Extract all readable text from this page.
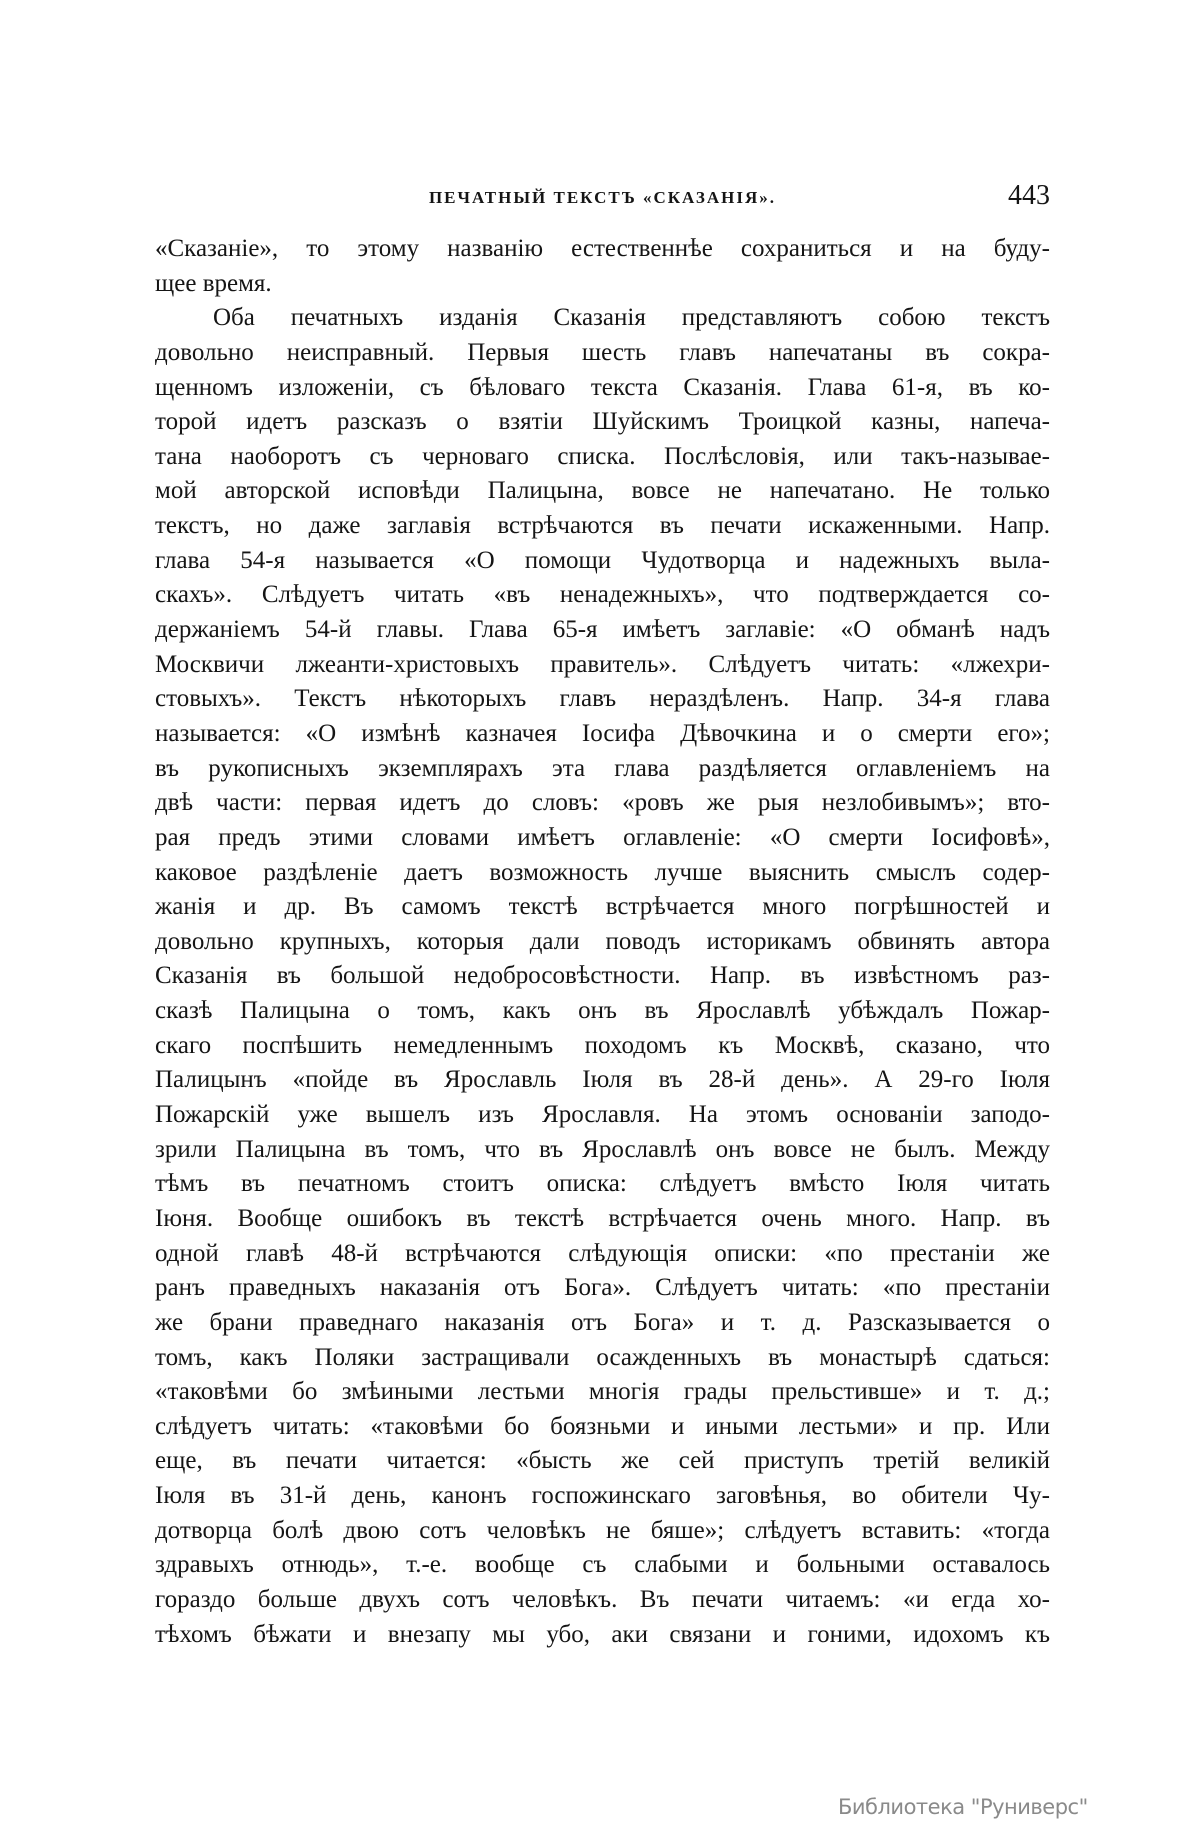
ПЕЧАТНЫЙ ТЕКСТЪ «СКАЗАНІЯ».	443
«Сказаніе», то этому названію естественнѣе сохраниться и на буду-
щее время.
Оба печатныхъ изданія Сказанія представляютъ собою текстъ
довольно неисправный. Первыя шесть главъ напечатаны въ сокра-
щенномъ изложеніи, съ бѣловаго текста Сказанія. Глава 61-я, въ ко-
торой идетъ разсказъ о взятіи Шуйскимъ Троицкой казны, напеча-
тана наоборотъ съ черноваго списка. Послѣсловія, или такъ-называе-
мой авторской исповѣди Палицына, вовсе не напечатано. Не только
текстъ, но даже заглавія встрѣчаются въ печати искаженными. Напр.
глава 54-я называется «О помощи Чудотворца и надежныхъ выла-
скахъ». Слѣдуетъ читать «въ ненадежныхъ», что подтверждается со-
держаніемъ 54-й главы. Глава 65-я имѣетъ заглавіе: «О обманѣ надъ
Москвичи лжеанти-христовыхъ правитель». Слѣдуетъ читать: «лжехри-
стовыхъ». Текстъ нѣкоторыхъ главъ нераздѣленъ. Напр. 34-я глава
называется: «О измѣнѣ казначея Іосифа Дѣвочкина и о смерти его»;
въ рукописныхъ экземплярахъ эта глава раздѣляется оглавленіемъ на
двѣ части: первая идетъ до словъ: «ровъ же рыя незлобивымъ»; вто-
рая предъ этими словами имѣетъ оглавленіе: «О смерти Іосифовѣ»,
каковое раздѣленіе даетъ возможность лучше выяснить смыслъ содер-
жанія и др. Въ самомъ текстѣ встрѣчается много погрѣшностей и
довольно крупныхъ, которыя дали поводъ историкамъ обвинять автора
Сказанія въ большой недобросовѣстности. Напр. въ извѣстномъ раз-
сказѣ Палицына о томъ, какъ онъ въ Ярославлѣ убѣждалъ Пожар-
скаго поспѣшить немедленнымъ походомъ къ Москвѣ, сказано, что
Палицынъ «пойде въ Ярославль Іюля въ 28-й день». А 29-го Іюля
Пожарскій уже вышелъ изъ Ярославля. На этомъ основаніи заподо-
зрили Палицына въ томъ, что въ Ярославлѣ онъ вовсе не былъ. Между
тѣмъ въ печатномъ стоитъ описка: слѣдуетъ вмѣсто Іюля читать
Іюня. Вообще ошибокъ въ текстѣ встрѣчается очень много. Напр. въ
одной главѣ 48-й встрѣчаются слѣдующія описки: «по престаніи же
ранъ праведныхъ наказанія отъ Бога». Слѣдуетъ читать: «по престаніи
же брани праведнаго наказанія отъ Бога» и т. д. Разсказывается о
томъ, какъ Поляки застращивали осажденныхъ въ монастырѣ сдаться:
«таковѣми бо змѣиными лестьми многія грады прельстивше» и т. д.;
слѣдуетъ читать: «таковѣми бо боязньми и иными лестьми» и пр. Или
еще, въ печати читается: «бысть же сей приступъ третій великій
Іюля въ 31-й день, канонъ госпожинскаго заговѣнья, во обители Чу-
дотворца болѣ двою сотъ человѣкъ не бяше»; слѣдуетъ вставить: «тогда
здравыхъ отнюдь», т.-е. вообще съ слабыми и больными оставалось
гораздо больше двухъ сотъ человѣкъ. Въ печати читаемъ: «и егда хо-
тѣхомъ бѣжати и внезапу мы убо, аки связани и гоними, идохомъ къ
Библиотека "Руниверс"
